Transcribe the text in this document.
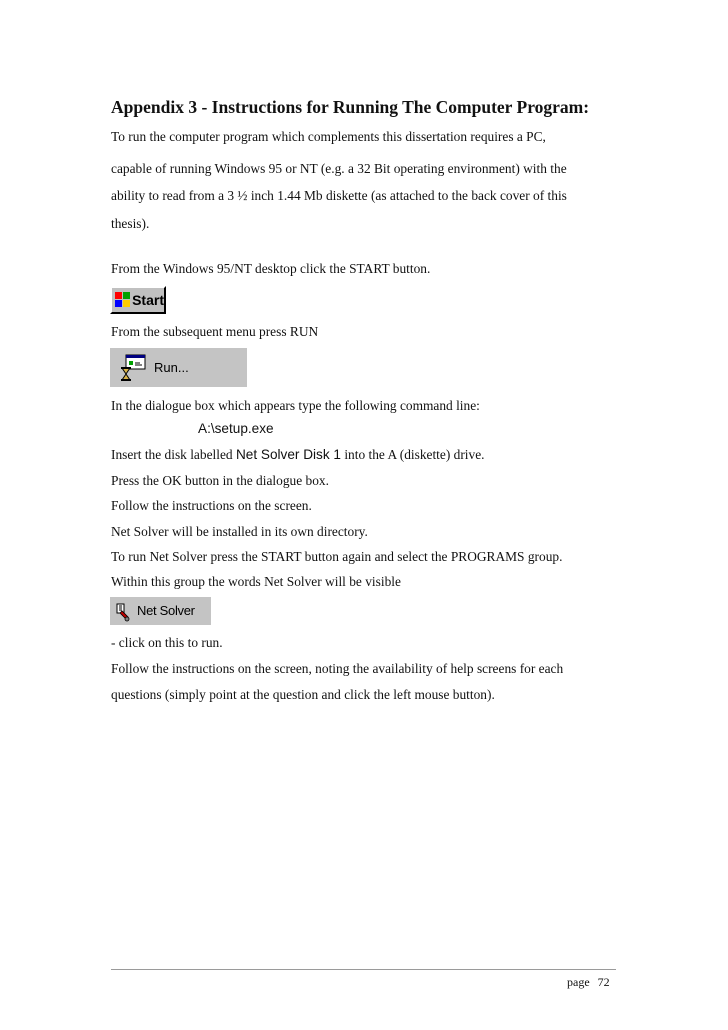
Appendix 3 - Instructions for Running The Computer Program:
To run the computer program which complements this dissertation requires a PC,
capable of running Windows 95 or NT (e.g. a 32 Bit operating environment) with the
ability to read from a 3 ½ inch 1.44 Mb diskette (as attached to the back cover of this
thesis).
From the Windows 95/NT desktop click the START button.
Start
From the subsequent menu press RUN
Run...
In the dialogue box which appears type the following command line:
A:\setup.exe
Insert the disk labelled Net Solver Disk 1 into the A (diskette) drive.
Press the OK button in the dialogue box.
Follow the instructions on the screen.
Net Solver will be installed in its own directory.
To run Net Solver press the START button again and select the PROGRAMS group.
Within this group the words Net Solver will be visible
Net Solver
- click on this to run.
Follow the instructions on the screen, noting the availability of help screens for each
questions (simply point at the question and click the left mouse button).
page 72
